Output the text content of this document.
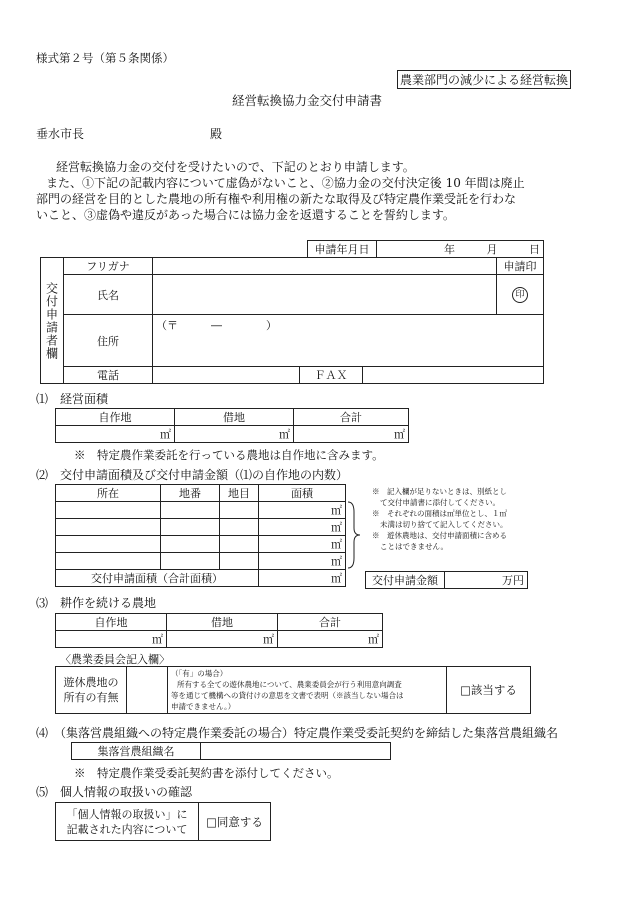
様式第２号（第５条関係）
農業部門の減少による経営転換
経営転換協力金交付申請書
垂水市長	殿
経営転換協力金の交付を受けたいので、下記のとおり申請します。
また、①下記の記載内容について虚偽がないこと、②協力金の交付決定後 10 年間は廃止
部門の経営を目的とした農地の所有権や利用権の新たな取得及び特定農作業受託を行わな
いこと、③虚偽や違反があった場合には協力金を返還することを誓約します。
申請年月日	年	月	日
交付申請者欄	フリガナ				申請印
	氏名				印
	住所	（〒　　　―　　　　）			
	電話		ＦＡＸ		
⑴　経営面積
自作地	借地	合計
㎡	㎡	㎡
※　特定農作業委託を行っている農地は自作地に含みます。
⑵　交付申請面積及び交付申請金額（⑴の自作地の内数）
所在	地番	地目	面積
			㎡
			㎡
			㎡
			㎡
交付申請面積（合計面積）			㎡
※　記入欄が足りないときは、別紙とし
て交付申請書に添付してください。
※　それぞれの面積は㎡単位とし、１㎡
未満は切り捨てて記入してください。
※　遊休農地は、交付申請面積に含める
ことはできません。
交付申請金額	万円
⑶　耕作を続ける農地
自作地	借地	合計
㎡	㎡	㎡
〈農業委員会記入欄〉
遊休農地の
所有の有無

（「有」の場合）
所有する全ての遊休農地について、農業委員会が行う利用意向調査
等を通じて機構への貸付けの意思を文書で表明（※該当しない場合は
申請できません。）
	□該当する
⑷　（集落営農組織への特定農作業委託の場合）特定農作業受委託契約を締結した集落営農組織名
集落営農組織名	
※　特定農作業受委託契約書を添付してください。
⑸　個人情報の取扱いの確認
「個人情報の取扱い」に
記載された内容について
	□同意する
